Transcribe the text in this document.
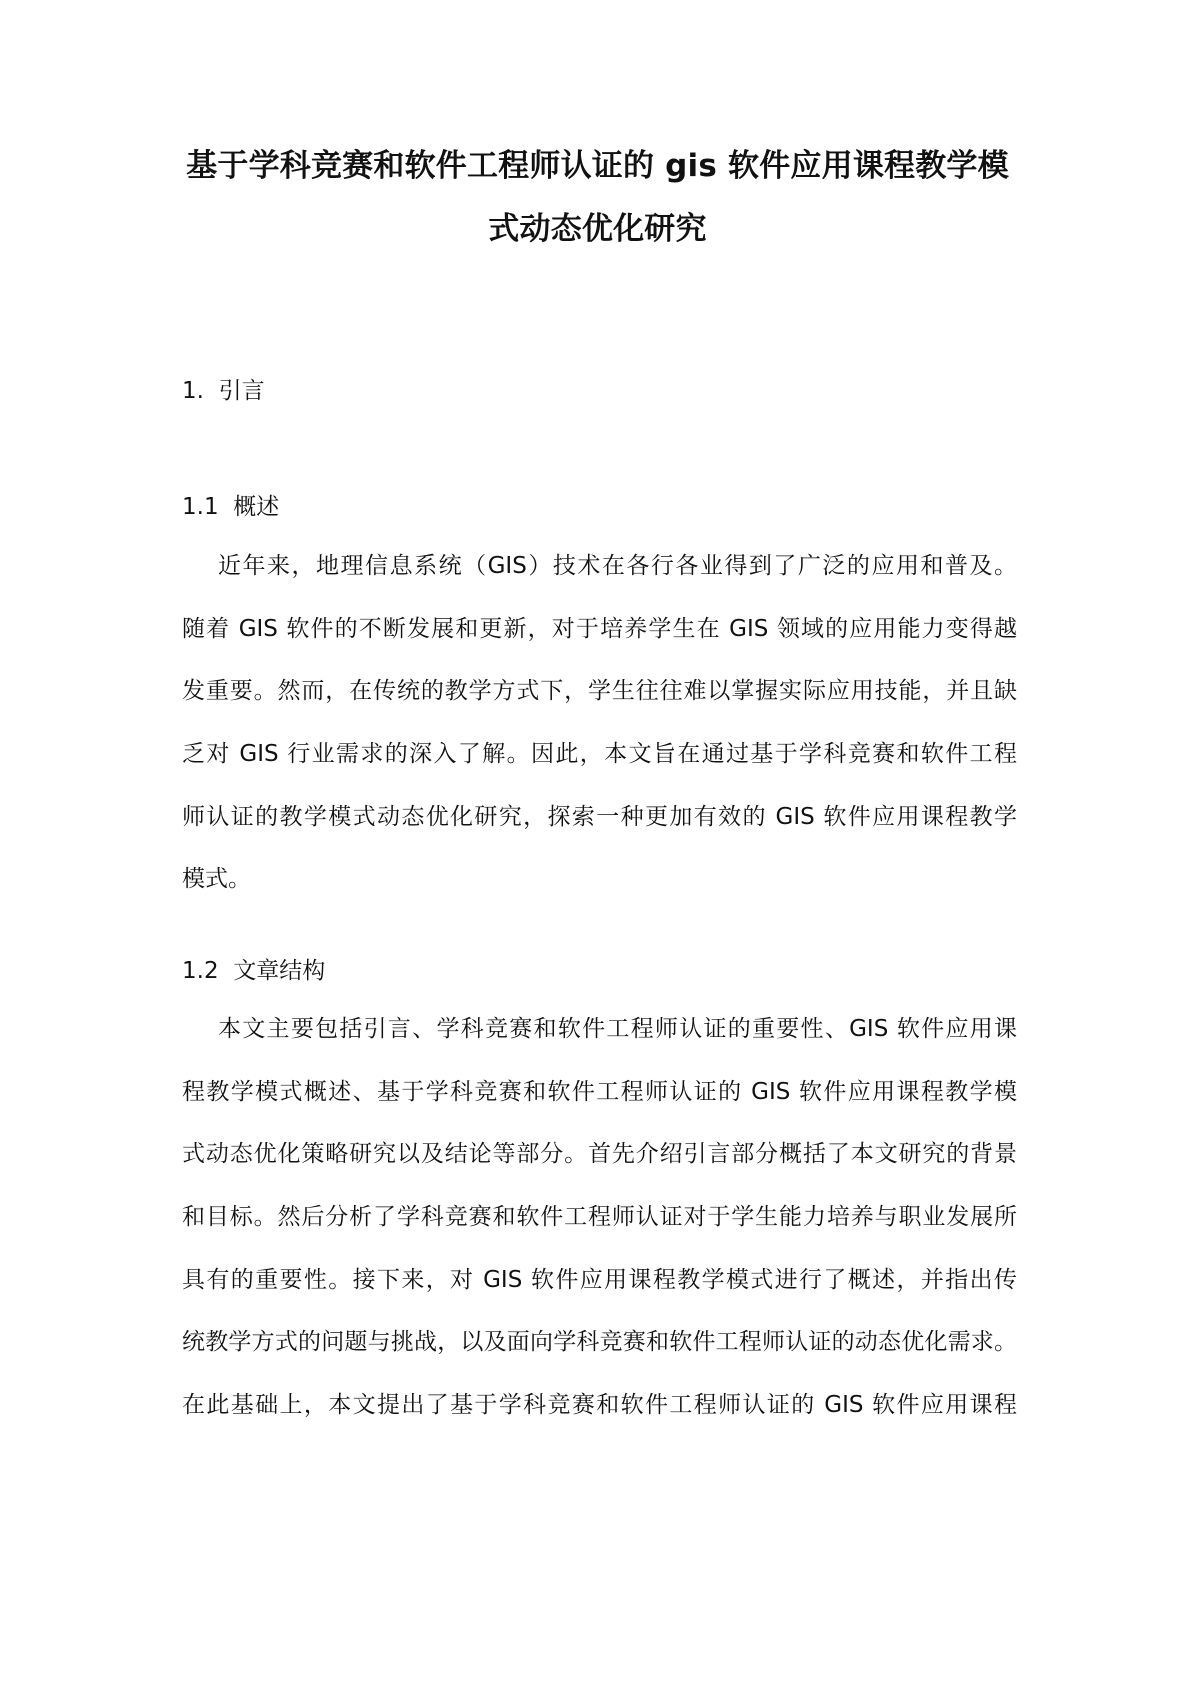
基于学科竞赛和软件工程师认证的 gis 软件应用课程教学模
式动态优化研究
1.  引言
1.1  概述
近年来，地理信息系统（GIS）技术在各行各业得到了广泛的应用和普及。
随着 GIS 软件的不断发展和更新，对于培养学生在 GIS 领域的应用能力变得越
发重要。然而，在传统的教学方式下，学生往往难以掌握实际应用技能，并且缺
乏对 GIS 行业需求的深入了解。因此，本文旨在通过基于学科竞赛和软件工程
师认证的教学模式动态优化研究，探索一种更加有效的 GIS 软件应用课程教学
模式。
1.2  文章结构
本文主要包括引言、学科竞赛和软件工程师认证的重要性、GIS 软件应用课
程教学模式概述、基于学科竞赛和软件工程师认证的 GIS 软件应用课程教学模
式动态优化策略研究以及结论等部分。首先介绍引言部分概括了本文研究的背景
和目标。然后分析了学科竞赛和软件工程师认证对于学生能力培养与职业发展所
具有的重要性。接下来，对 GIS 软件应用课程教学模式进行了概述，并指出传
统教学方式的问题与挑战，以及面向学科竞赛和软件工程师认证的动态优化需求。
在此基础上，本文提出了基于学科竞赛和软件工程师认证的 GIS 软件应用课程
